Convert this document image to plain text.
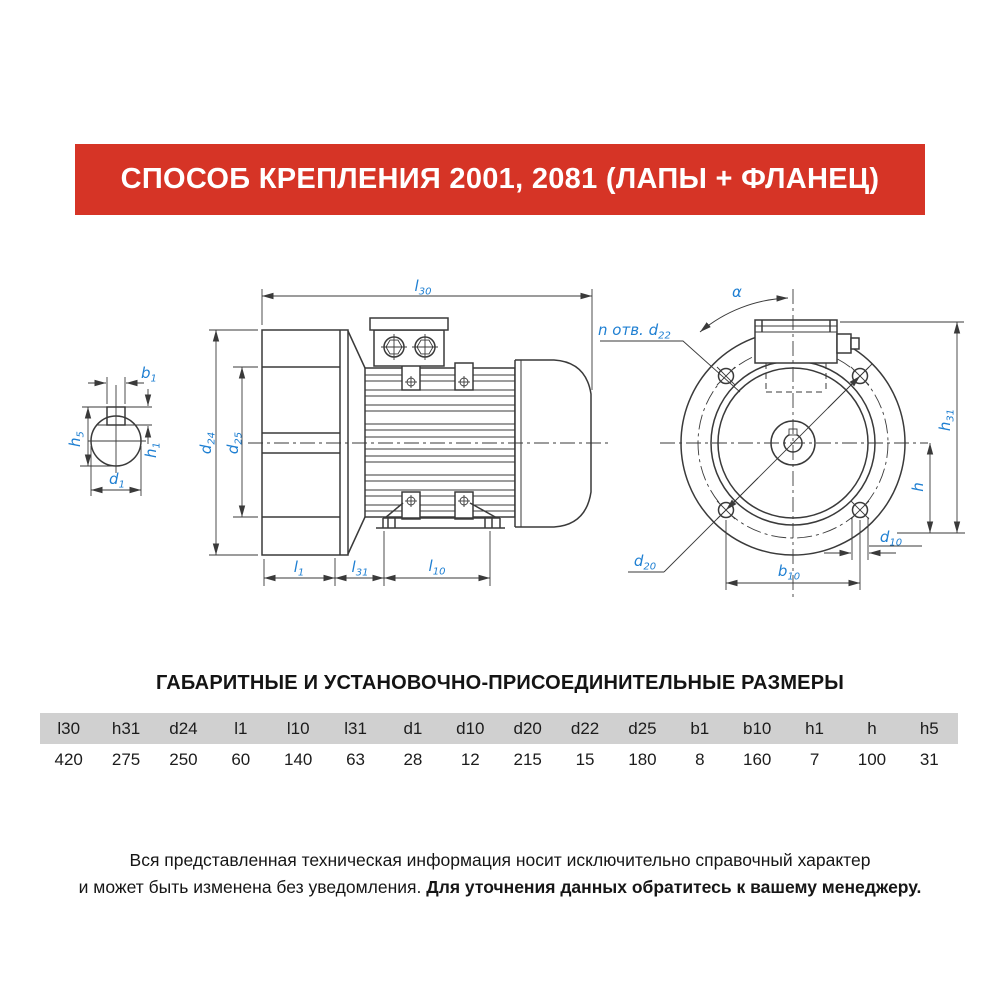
СПОСОБ КРЕПЛЕНИЯ 2001, 2081 (ЛАПЫ + ФЛАНЕЦ)
$b_1$
$h_5$
$h_1$
$d_1$
$l_{30}$
$d_{24}$
$d_{25}$
$l_1$	$l_{31}$	$l_{10}$
α
n отв. $d_{22}$
$h_{31}$
h
$d_{10}$
$b_{10}$
$d_{20}$
ГАБАРИТНЫЕ И УСТАНОВОЧНО-ПРИСОЕДИНИТЕЛЬНЫЕ РАЗМЕРЫ
l30	h31	d24	l1	l10	l31	d1	d10	d20	d22	d25	b1	b10	h1	h	h5
420	275	250	60	140	63	28	12	215	15	180	8	160	7	100	31
Вся представленная техническая информация носит исключительно справочный характер
и может быть изменена без уведомления. Для уточнения данных обратитесь к вашему менеджеру.
